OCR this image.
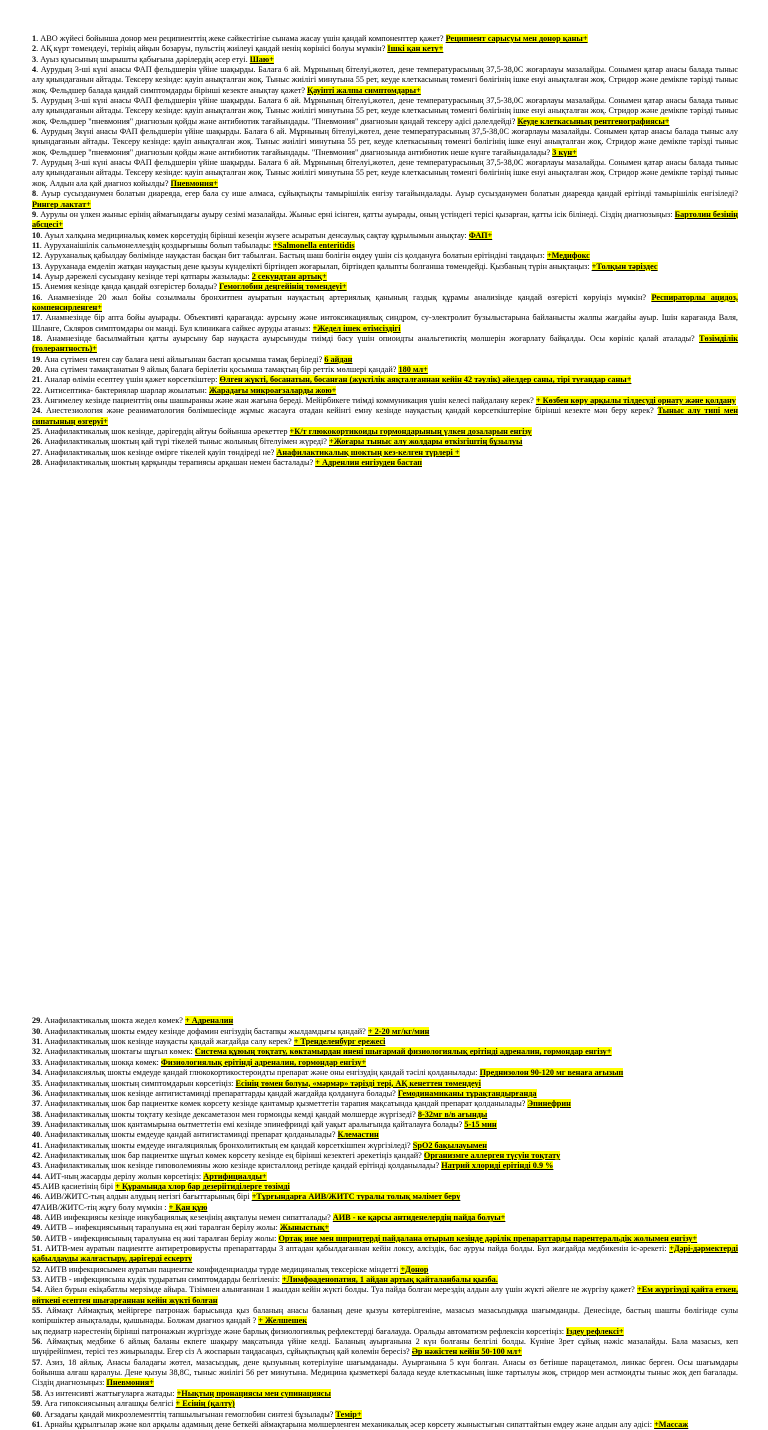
1. АВО жүйесі бойынша донор мен реципиенттің жеке сәйкестігіне сынама жасау үшін қандай компоненттер қажет? Реципиент сарысуы мен донор қаны+

2. АҚ күрт төмендеуі, терінің айқын бозаруы, пульстің жиілеуі қандай ненің көрінісі болуы мүмкін? Ішкі қан кету+

3. Ауыз қуысының шырышты қабығына дәрілердің әсер етуі. Шаю+

4. Аурудың 3-ші күні анасы ФАП фельдшерін үйіне шақырды. Балаға 6 ай. Мұрнының бітелуі,жөтел, дене температурасының 37,5-38,0С жоғарлауы мазалайды. Сонымен қатар анасы балада тыныс алу қиындағанын айтады. Тексеру кезінде: қауіп анықталған жоқ. Тыныс жиілігі минутына 55 рет, кеуде клеткасының төменгі бөлігінің ішке енуі анықталған жоқ. Стридор және демікпе тәрізді тыныс жоқ. Фельдшер балада қандай симптомдарды бірінші кезекте анықтау қажет? Қауіпті жалпы симптомдары+

5. Аурудың 3-ші күні анасы ФАП фельдшерін үйіне шақырды. Балаға 6 ай. Мұрнының бітелуі,жөтел, дене температурасының 37,5-38,0С жоғарлауы мазалайды. Сонымен қатар анасы балада тыныс алу қиындағанын айтады. Тексеру кезінде: қауіп анықталған жоқ. Тыныс жиілігі минутына 55 рет, кеуде клеткасының төменгі бөлігінің ішке енуі анықталған жоқ. Стридор және демікпе тәрізді тыныс жоқ. Фельдшер "пневмония" диагнозын қойды және антибиотик тағайындады. "Пневмония" диагнозын қандай тексеру әдісі дәлелдейді? Кеуде клеткасының рентгенографиясы+

6. Аурудың 3күні анасы ФАП фельдшерін үйіне шақырды. Балаға 6 ай. Мұрнының бітелуі,жөтел, дене температурасының 37,5-38,0С жоғарлауы мазалайды. Сонымен қатар анасы балада тыныс алу қиындағанын айтады. Тексеру кезінде: қауіп анықталған жоқ. Тыныс жиілігі минутына 55 рет, кеуде клеткасының төменгі бөлігінің ішке енуі анықталған жоқ. Стридор және демікпе тәрізді тыныс жоқ. Фельдшер "пневмония" диагнозын қойды және антибиотик тағайындады. "Пневмония" диагнозында антибиотик нешe күнге тағайындалады? 3 күн+

7. Аурудың 3-ші күні анасы ФАП фельдшерін үйіне шақырды. Балаға 6 ай. Мұрнының бітелуі,жөтел, дене температурасының 37,5-38,0С жоғарлауы мазалайды. Сонымен қатар анасы балада тыныс алу қиындағанын айтады. Тексеру кезінде: қауіп анықталған жоқ. Тыныс жиілігі минутына 55 рет, кеуде клеткасының төменгі бөлігінің ішке енуі анықталған жоқ. Стридор және демікпе тәрізді тыныс жоқ. Алдын ала қай диагноз койылды? Пневмония+

8. Ауыр сусызданумен болатын диарeяда, егер бала су ише алмаса, сұйықтықты тамырішілік енгізу тағайындалады. Ауыр сусызданумен болатын диарeяда қандай ерітінді тамырішілік енгізіледі? Рингер лактат+

9. Аурулы он үлкен жыныс ерінің аймағындағы ауыру сезімі мазалайды. Жыныс ерні ісінген, қатты ауырады, оның үстіндегі терісі қызарған, қатты ісік білінеді. Сіздің диагнозыңыз: Бартолин безінің абсцесі+

10. Ауыл халқына медициналық көмек көрсетудің бірінші кезеңін жүзеге асыратын денсаулық сақтау құрылымын анықтау: ФАП+

11. Ауруханаішілік сальмонеллездің қоздырғышы болып табылады: +Salmonella enteritidis

12. Ауруханалық қабылдау бөлімінде науқастан басқан бит табылған. Бастың шаш болігін өңдеу үшін сіз қолдануға болатын ерітіндіні таңдаңыз: +Медифокс

13. Ауруханада емделіп жатқан науқастың дене қызуы күнделікті біртіндеп жоғарылап, біртіндеп қалыпты болғанша төмендейді. Қызбаның түрін анықтаңыз: +Толқын тәріздес

14. Ауыр дәрежелі сусыздану кезінде тері қатпары жазылады: 2 секундтан артық+

15. Анемия кезінде қанда қандай өзгерістер болады? Гемоглобин деңгейінің төмендеуі+

16. Анамнезінде 20 жыл бойы созылмалы бронхитпен ауыратын науқастың артериялық қанының газдық құрамы анализінде қандай өзгерісті көруіңіз мүмкін? Респираторлы ацидоз, компенсирленген+

17. Анамнезінде бір апта бойы ауырады. Объективті қарағанда: аурсыну және интоксикациялық синдром, су-электролит бузылыстарына байланысты жалпы жағдайы ауыр. Ішін карағанда Валя, Шланге, Скляров симптомдары он манді. Бул клиникага сайкес ауруды атаныз: +Жедел ішек өтімсіздігі

18. Анамнезінде басылмайтын қатты ауырсыну бар науқаста ауырсынуды тиімді басу үшін опиоидты анальгетиктің мөлшерін жоғарлату байқалды. Осы көрініс қалай аталады? Төзімділік (толерантность)+

19. Ана сүтімен емген сау балаға нені айлығынан бастап қосымша тамақ беріледі? 6 айдан

20. Ана сүтімен тамақтанатын 9 айлық балаға берілетін қосымша тамақтың бір реттік мөлшері қандай? 180 мл+

21. Аналар өлімін есептеу үшін қажет көрсеткіштер: Өлген жүкті, босанатын, босанған (жүктілік аяқталғаннан кейін 42 тәулік) әйелдер саны, тірі туғандар саны+

22. Антисептика- бактериялар шарлар жоылатын: Жарадағы микроағзаларды жою+

23. Ангимелеу кезінде пациенттің оны шашыранкы және жан жағына береді. Мейірбикеге тиімді коммуникация үшін келесі пайдалану керек? + Көзбен көру арқылы тілдесуді орнату және қолдану

24. Анестезиология және реаниматология бөлімшесінде жұмыс жасауға отадан кейінгі емну кезінде науқастың қандай көрсеткіштеріне бірінші кезекте мән беру керек? Тыныс алу типі мен сипатының өзгеруі+

25. Анафилактикалық шок кезінде, дәрігердің айтуы бойынша әрекеттер +К/т глюкокортикоиды гормондарының үлкен дозаларын енгізу

26. Анафилактикалық шоктың қай түрі тікелей тыныс жолының бітелуімен жүреді? +Жоғары тыныс алу жолдары өткізгіштің бұзылуы

27. Анафилактикалық шок кезінде өмірге тікелей қауіп төндіреді не? Анафилактикалық шоктың кез-келген түрлері +

28. Анафилактикалық шоктың қарқынды терапиясы арқашан немен басталады? + Адренлин енгізуден бастап

29. Анафилактикалық шокта жедел көмек? + Адреналин

30. Анафилактикалық шокты емдеу кезінде дофамин енгізудің бастапқы жылдамдығы қандай? + 2-20 мг/кг/мин

31. Анафилактикалық шок кезінде науқасты қандай жағдайда салу керек? + Тренделенбург ережесі

32. Анафилактикалық шоктағы шұғыл көмек: Система құюың тоқтату, көктамырдан инені шығармай физиологиялық ерітінді адреналин, гормондар енгізу+

33. Анафилактикалық шокқа көмек: Физиологиялық ерітінді адреналин, гормондар енгізу+

34. Анафилаксиялық шокты емдеуде қандай глюкокортикостероидты препарат және оны енгізудің қандай тәсілі қолданылады: Преднизолон 90-120 мг венаға ағызып

35. Анафилактикалық шоктың симптомдарын көрсетіңіз: Есінің төмен болуы, «мәрмәр» тәрізді тері, АҚ кенеттен төмендеуі

36. Анафилактикалық шок кезінде антигистаминді препараттарды қандай жағдайда қолдануға болады? Гемодинамиканы тұрақтандырғанда

37. Анафилактикалық шок бар пациентке көмек көрсету кезінде қантамыр қызметтетін тарапия мақсатында қандай препарат қолданылады? Эпинефрин

38. Анафилактикалық шокты тоқтату кезінде дексаметазон мен гормонды кемді қандай мөлшерде жүргізеді? 8-32мг в/в ағынды

39. Анафилактикалық шок қантамырына өытметтетін емі кезінде эпинефринді қай уақыт аралығында қайталауға болады? 5-15 мин

40. Анафилактикалық шокты емдеуде қандай антигистаминді препарат қолданылады? Клемастин

41. Анафилактикалық шокты емдеуде ингаляциялық бронхолитиктың ем қандай көрсеткішпен жүргізіледі? SpO2 бақылауымен

42. Анафилактикалық шок бар пациентке шұғыл көмек көрсету кезінде ең бірінші кезектегі әрекетіңіз қандай? Организмге аллерген түсуін тоқтату

43. Анафилактикалық шок кезінде гиповолемияны жою кезінде кристаллоид ретінде қандай ерітінді қолданылады? Натрий хлориді ерітінді 0.9 %

44. АИТ-ның жасарды дерілу жолын көрсетіңіз: Артифициалды+

45.АИВ қасиетінің бірі + Құрамында хлор бар дезеріітиділерге төзімді

46. АИВ/ЖИТС-тың алдын алудың негізгі бағыттарының бірі +Тұрғындарға АИВ/ЖИТС туралы толық мәлімет беру

47АИВ/ЖИТС-тің жұғу болу мүмкін : + Қан құю

48. АИВ инфекциясы кезінде инкубациялық кезеңінің аяқталуы немен сипатталады? АИВ - ке қарсы антиденелердің пайда болуы+

49. АИТВ – инфекциясының таралуына ең жиі таралған берілу жолы: Жыныстық+

50. АИТВ - инфекциясының таралуына ең жиі таралған берілу жолы: Ортақ ине мен шприцтерді пайдалана отырып кезінде дәрілік препараттарды парентеральдік жолымен енгізу+

51. АИТВ-мен ауратын пациентте антиретровирусты препараттарды 3 аптадан қабылдағаннан кейін локсу, алсіздік, бас ауруы пайда болды. Бул жағдайда медбикенін іс-әрекеті: +Дәрі-дәрмектерді қабылдауды жалғастыру, дәрігерді ескерту

52. АИТВ инфекциясымен ауратын пациентке конфиденциалды түрде медициналық тексеріске міндетті +Донор

53. АИТВ - инфекциясына күдік тудыратын симптомдарды белгіленіз: +Лимфоаденопатия, 1 айдан артық қайталанбалы қызба.

54. Айел бурын екіқабатлы мерзімде айыра. Тізімнен алынғаннан 1 жылдан кейін жүкті болды. Туа пайда болған мерездің алдын алу үшін жүкті әйелге не жүргізу қажет? +Ем жүргізуді қайта еткен, өйткені есептен шығарғаннан кейін жүкті болған

55. Аймақт Аймақтық мейіргере патронаж барысында қыз баланың анасы баланың дене қызуы көтерілгеніне, мазасыз мазасыздыққа шағымданды. Денесінде, бастың шашты бөлігінде сулы көпіршіктер анықталады, қышынады. Болжам диагноз қандай ? + Желшешек

ық педиатр нәрестенің бірінші патронажын жүргізуде және барлық физиологиялық рефлекстерді бағалауда. Оральды автоматизм рефлексін көрсетіңіз: Іздеу рефлексі+

56. Аймақтық медбике 6 айлық баланы екпеге шақыру мақсатында үйіне келді. Баланың ауырғанына 2 күн болғаны белгілі болды. Күніне 3рет сұйық нәжіс мазалайды. Бала мазасыз, кеп шүңірейіпмен, терісі тез жиырылады. Егер сіз А жоспарын таңдасаңыз, сұйықтықтың қай көлемін бересіз? Әр нәжістен кейін 50-100 мл+

57. Азиз, 18 айлық. Анасы баладағы жөтел, мазасыздық, дене қызуының көтерілуіне шағымданады. Ауырғанына 5 күн болған. Анасы өз бетінше парацетамол, линкас берген. Осы шағымдары бойынша алғаш қаралуы. Дене қызуы 38,8С, тыныс жиілігі 56 рет минутына. Медицина қызметкері балада кеуде клеткасының ішке тартылуы жоқ, стридор мен астмоидты тыныс жоқ деп бағалады. Сіздің диагнозыңыз: Пневмония+

58. Аз интенсивті жаттығуларға жатады: +Нықтың пронациясы мен супинациясы

59. Аға гипоксиясының алғашқы белгісі + Есінің (қалту)

60. Ағзадағы қандай микроэлементтің тапшылығынан гемоглобин синтезі бұзылады? Темір+

61. Арнайы құрылғылар және кол арқылы адамның дене беткейі аймақтарына мөлшерленген механикалық әсер көрсету жыныстығын сипаттайтын емдеу және алдын алу әдісі: +Массаж
